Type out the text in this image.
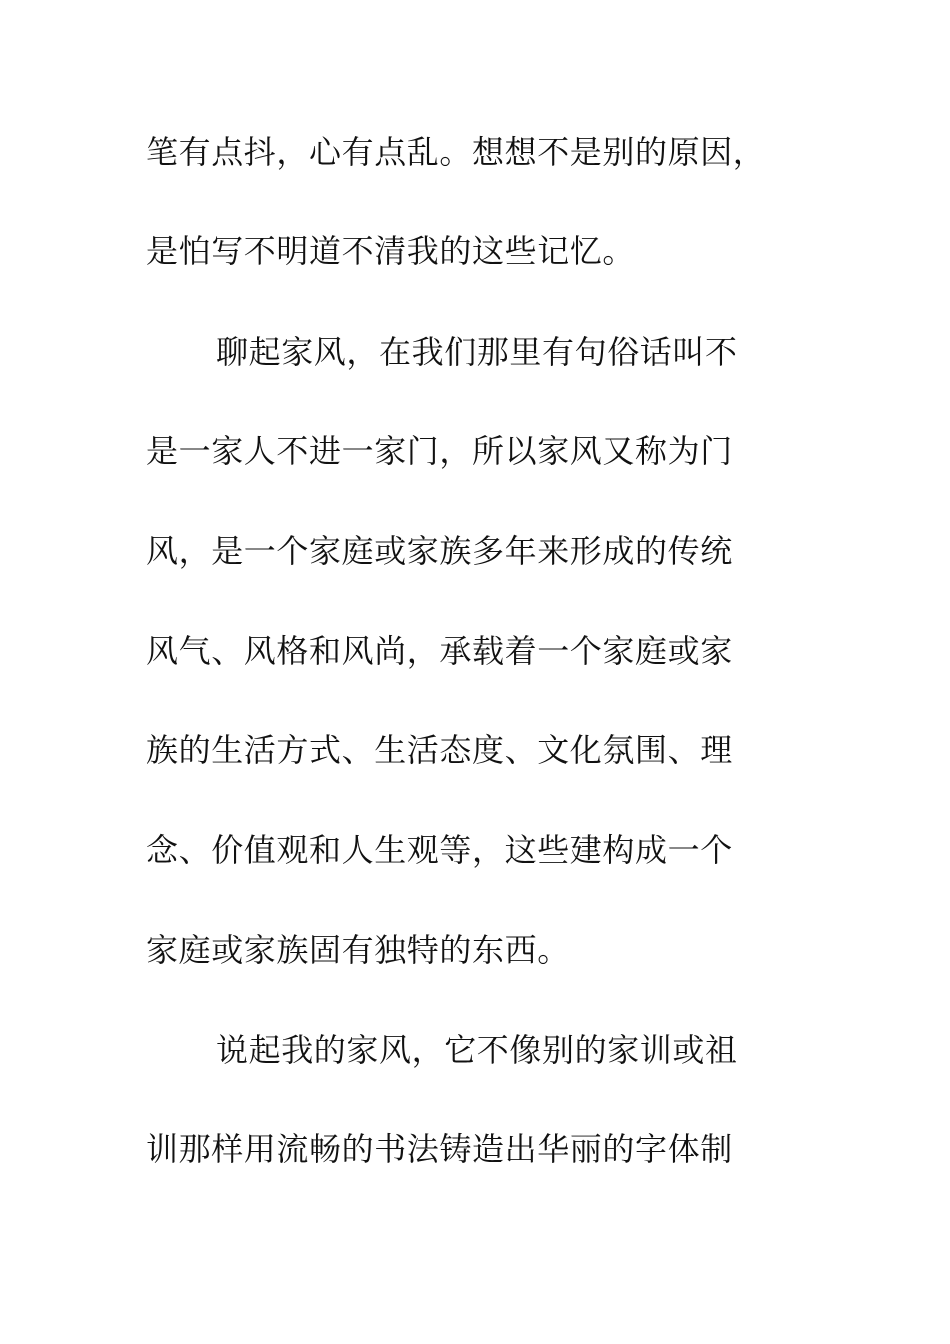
笔有点抖，心有点乱。想想不是别的原因，
是怕写不明道不清我的这些记忆。
聊起家风，在我们那里有句俗话叫不
是一家人不进一家门，所以家风又称为门
风，是一个家庭或家族多年来形成的传统
风气、风格和风尚，承载着一个家庭或家
族的生活方式、生活态度、文化氛围、理
念、价值观和人生观等，这些建构成一个
家庭或家族固有独特的东西。
说起我的家风，它不像别的家训或祖
训那样用流畅的书法铸造出华丽的字体制
